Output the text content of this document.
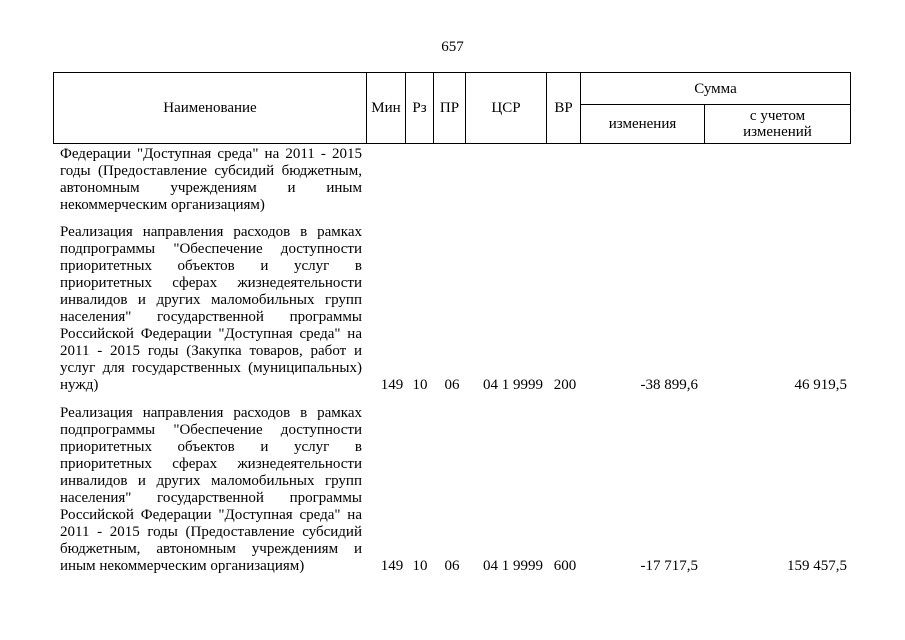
657
Наименование	Мин Рз ПР ЦСР ВР
Сумма
изменения	с учетом изменений
Федерации "Доступная среда" на 2011 - 2015
годы (Предоставление субсидий бюджетным,
автономным учреждениям и иным
некоммерческим организациям)
Реализация направления расходов в рамках
подпрограммы "Обеспечение доступности
приоритетных объектов и услуг в
приоритетных сферах жизнедеятельности
инвалидов и других маломобильных групп
населения" государственной программы
Российской Федерации "Доступная среда" на
2011 - 2015 годы (Закупка товаров, работ и
услуг для государственных (муниципальных)
нужд)	149 10	06	04 1 9999 200	-38 899,6	46 919,5
Реализация направления расходов в рамках
подпрограммы "Обеспечение доступности
приоритетных объектов и услуг в
приоритетных сферах жизнедеятельности
инвалидов и других маломобильных групп
населения" государственной программы
Российской Федерации "Доступная среда" на
2011 - 2015 годы (Предоставление субсидий
бюджетным, автономным учреждениям и
иным некоммерческим организациям)	149 10	06	04 1 9999 600	-17 717,5	159 457,5
